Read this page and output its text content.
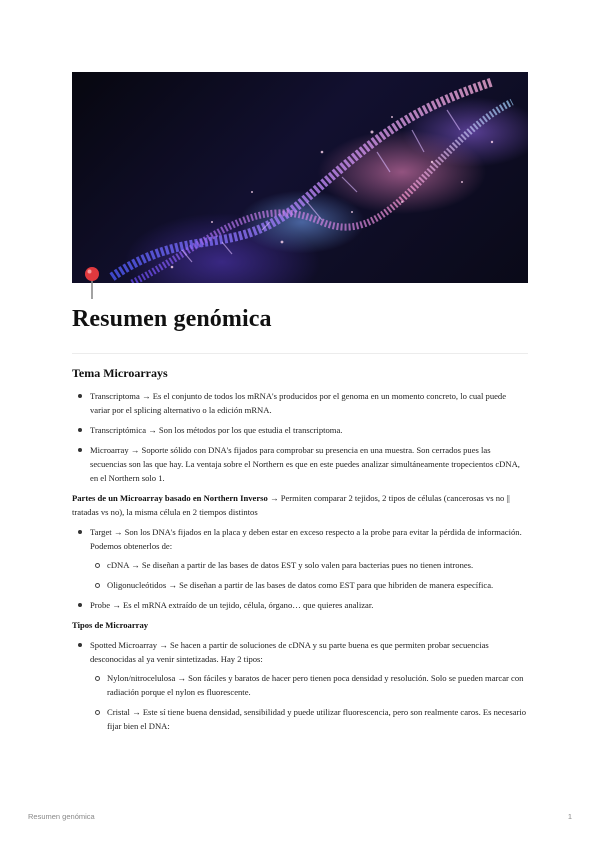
Resumen genómica
Tema Microarrays
Transcriptoma → Es el conjunto de todos los mRNA's producidos por el genoma en un momento concreto, lo cual puede variar por el splicing alternativo o la edición mRNA.
Transcriptómica → Son los métodos por los que estudia el transcriptoma.
Microarray → Soporte sólido con DNA's fijados para comprobar su presencia en una muestra. Son cerrados pues las secuencias son las que hay. La ventaja sobre el Northern es que en este puedes analizar simultáneamente tropecientos cDNA, en el Northern solo 1.

Partes de un Microarray basado en Northern Inverso → Permiten comparar 2 tejidos, 2 tipos de células (cancerosas vs no || tratadas vs no), la misma célula en 2 tiempos distintos

Target → Son los DNA's fijados en la placa y deben estar en exceso respecto a la probe para evitar la pérdida de información. Podemos obtenerlos de:
cDNA → Se diseñan a partir de las bases de datos EST y solo valen para bacterias pues no tienen intrones.
Oligonucleótidos → Se diseñan a partir de las bases de datos como EST para que hibriden de manera específica.
Probe → Es el mRNA extraído de un tejido, célula, órgano… que quieres analizar.

Tipos de Microarray

Spotted Microarray → Se hacen a partir de soluciones de cDNA y su parte buena es que permiten probar secuencias desconocidas al ya venir sintetizadas. Hay 2 tipos:
Nylon/nitrocelulosa → Son fáciles y baratos de hacer pero tienen poca densidad y resolución. Solo se pueden marcar con radiación porque el nylon es fluorescente.
Cristal → Este sí tiene buena densidad, sensibilidad y puede utilizar fluorescencia, pero son realmente caros. Es necesario fijar bien el DNA:
Resumen genómica	1
